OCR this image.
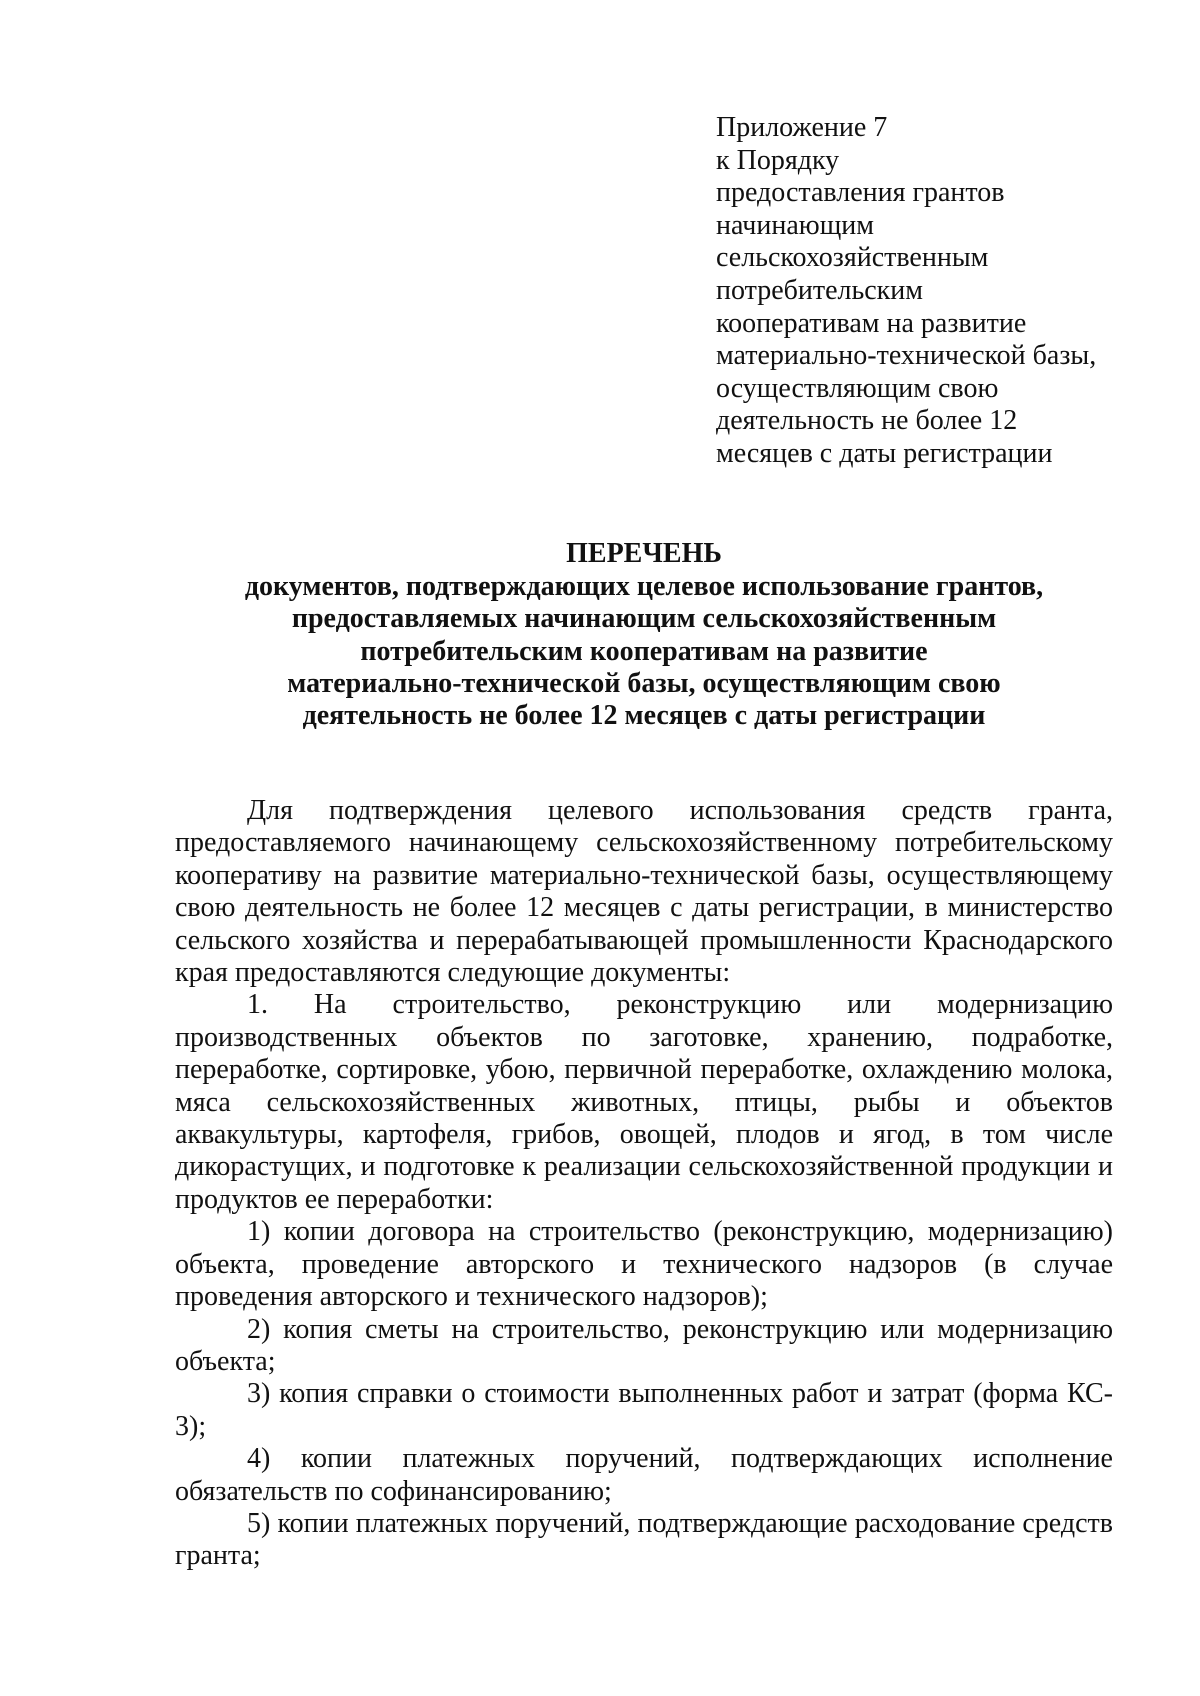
Приложение 7
к Порядку
предоставления грантов
начинающим
сельскохозяйственным
потребительским
кооперативам на развитие
материально-технической базы,
осуществляющим свою
деятельность не более 12
месяцев с даты регистрации
ПЕРЕЧЕНЬ
документов, подтверждающих целевое использование грантов,
предоставляемых начинающим сельскохозяйственным
потребительским кооперативам на развитие
материально-технической базы, осуществляющим свою
деятельность не более 12 месяцев с даты регистрации

Для подтверждения целевого использования средств гранта, предоставляемого начинающему сельскохозяйственному потребительскому кооперативу на развитие материально-технической базы, осуществляющему свою деятельность не более 12 месяцев с даты регистрации, в министерство сельского хозяйства и перерабатывающей промышленности Краснодарского края предоставляются следующие документы:

1. На строительство, реконструкцию или модернизацию производственных объектов по заготовке, хранению, подработке, переработке, сортировке, убою, первичной переработке, охлаждению молока, мяса сельскохозяйственных животных, птицы, рыбы и объектов аквакультуры, картофеля, грибов, овощей, плодов и ягод, в том числе дикорастущих, и подготовке к реализации сельскохозяйственной продукции и продуктов ее переработки:

1) копии договора на строительство (реконструкцию, модернизацию) объекта, проведение авторского и технического надзоров (в случае проведения авторского и технического надзоров);

2) копия сметы на строительство, реконструкцию или модернизацию объекта;

3) копия справки о стоимости выполненных работ и затрат (форма КС- 3);

4) копии платежных поручений, подтверждающих исполнение обязательств по софинансированию;

5) копии платежных поручений, подтверждающие расходование средств гранта;
